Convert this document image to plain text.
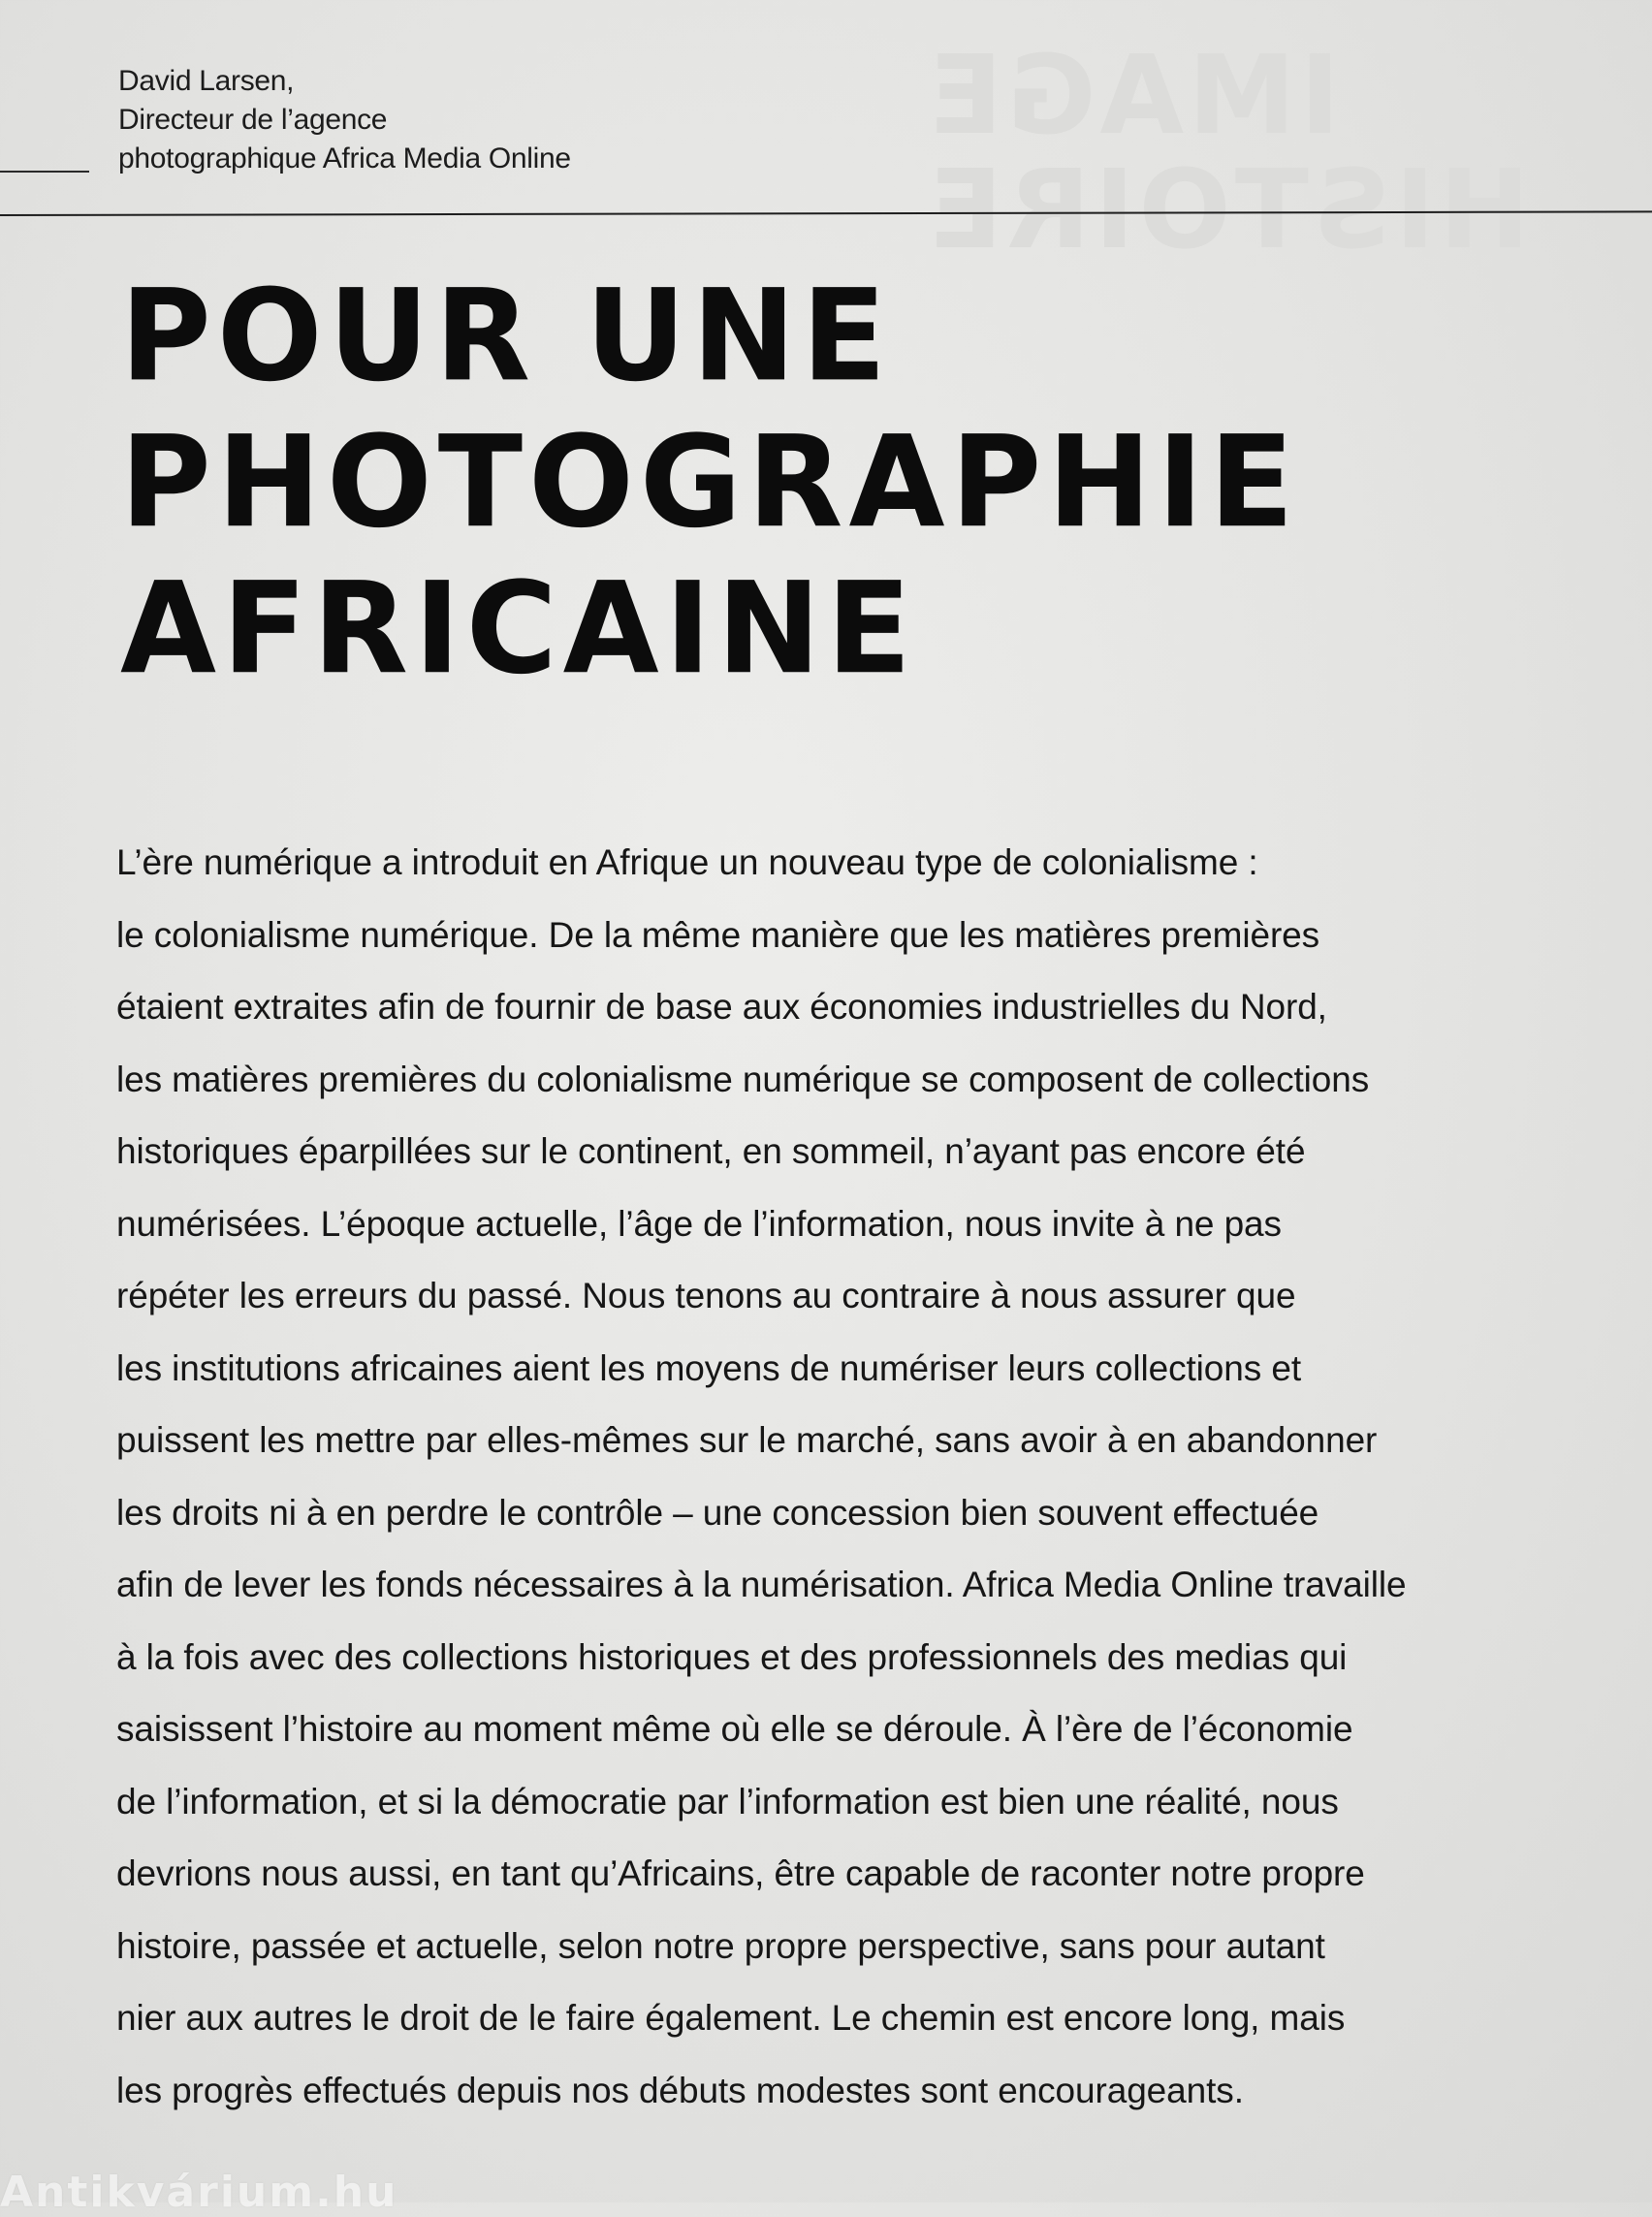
IMAGE
HISTOIRE
David Larsen,
Directeur de l’agence
photographique Africa Media Online
POUR UNE
PHOTOGRAPHIE
AFRICAINE
L’ère numérique a introduit en Afrique un nouveau type de colonialisme :
le colonialisme numérique. De la même manière que les matières premières
étaient extraites afin de fournir de base aux économies industrielles du Nord,
les matières premières du colonialisme numérique se composent de collections
historiques éparpillées sur le continent, en sommeil, n’ayant pas encore été
numérisées. L’époque actuelle, l’âge de l’information, nous invite à ne pas
répéter les erreurs du passé. Nous tenons au contraire à nous assurer que
les institutions africaines aient les moyens de numériser leurs collections et
puissent les mettre par elles-mêmes sur le marché, sans avoir à en abandonner
les droits ni à en perdre le contrôle – une concession bien souvent effectuée
afin de lever les fonds nécessaires à la numérisation. Africa Media Online travaille
à la fois avec des collections historiques et des professionnels des medias qui
saisissent l’histoire au moment même où elle se déroule. À l’ère de l’économie
de l’information, et si la démocratie par l’information est bien une réalité, nous
devrions nous aussi, en tant qu’Africains, être capable de raconter notre propre
histoire, passée et actuelle, selon notre propre perspective, sans pour autant
nier aux autres le droit de le faire également. Le chemin est encore long, mais
les progrès effectués depuis nos débuts modestes sont encourageants.
Antikvárium.hu
